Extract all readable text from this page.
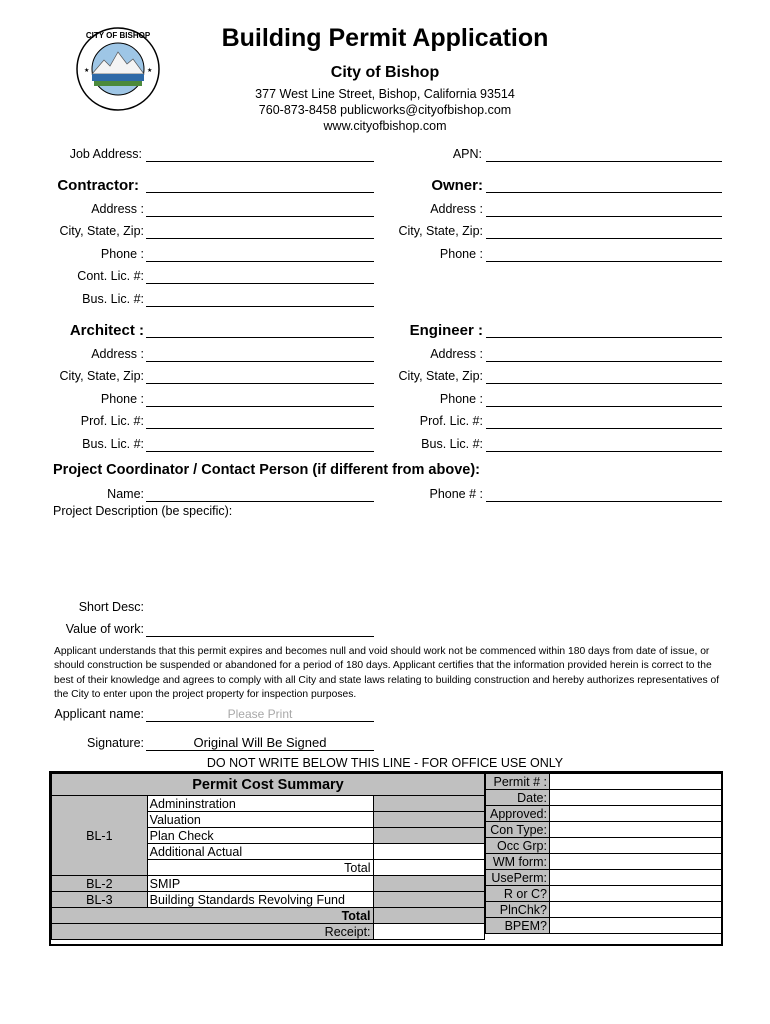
CITY OF BISHOP
★	★
Building Permit Application
City of Bishop
377 West Line Street, Bishop, California 93514
760-873-8458 publicworks@cityofbishop.com
www.cityofbishop.com
Job Address:	APN:
Contractor:	Owner:
Address :	Address :
City, State, Zip:	City, State, Zip:
Phone :	Phone :
Cont. Lic. #:
Bus. Lic. #:
Architect :	Engineer :
Address :	Address :
City, State, Zip:	City, State, Zip:
Phone :	Phone :
Prof. Lic. #:	Prof. Lic. #:
Bus. Lic. #:	Bus. Lic. #:
Project Coordinator / Contact Person (if different from above):
Name:	Phone # :
Project Description (be specific):
Short Desc:
Value of work:
Applicant understands that this permit expires and becomes null and void should work not be commenced within 180 days from date of issue, or should construction be suspended or abandoned for a period of 180 days. Applicant certifies that the information provided herein is correct to the best of their knowledge and agrees to comply with all City and state laws relating to building construction and hereby authorizes representatives of the City to enter upon the project property for inspection purposes.
Applicant name:	Please Print
Signature:	Original Will Be Signed
DO NOT WRITE BELOW THIS LINE - FOR OFFICE USE ONLY
Permit Cost Summary		
BL-1	Admininstration	
	Valuation	
	Plan Check	
	Additional Actual	
	Total	
BL-2	SMIP	
BL-3	Building Standards Revolving Fund	
Total		
Receipt:		
Permit # :	
Date:	
Approved:	
Con Type:	
Occ Grp:	
WM form:	
UsePerm:	
R or C?	
PlnChk?	
BPEM?	
